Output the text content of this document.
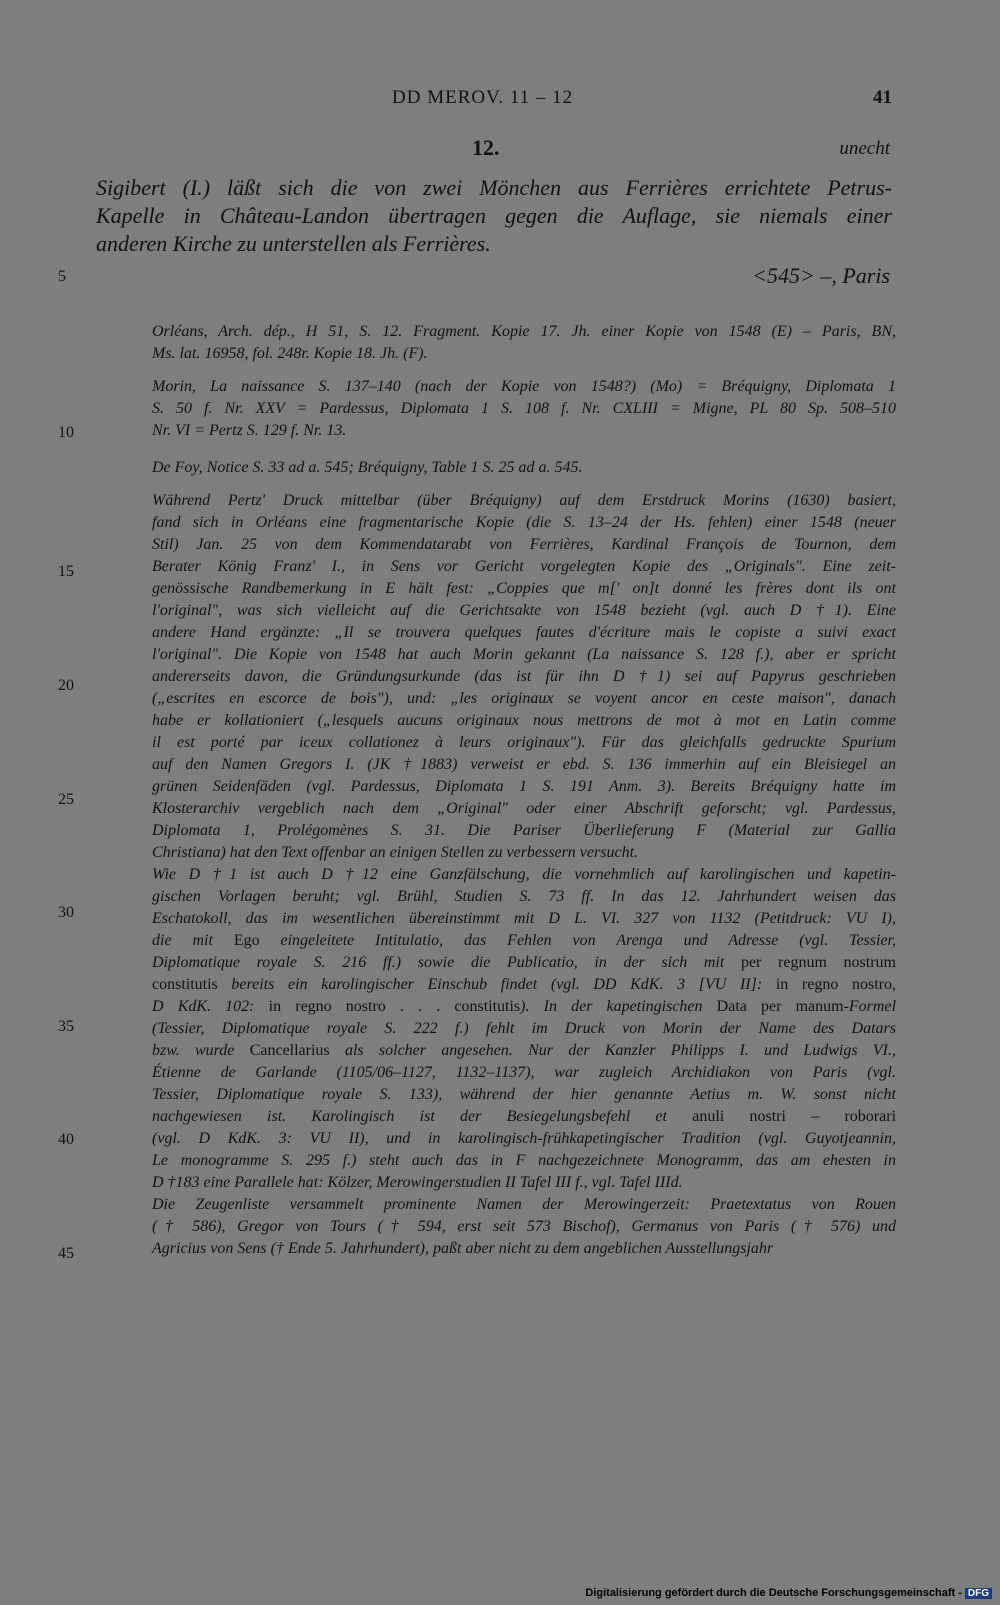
DD MEROV. 11 – 12	41
12.	unecht
Sigibert (I.) läßt sich die von zwei Mönchen aus Ferrières errichtete Petrus-
Kapelle in Château-Landon übertragen gegen die Auflage, sie niemals einer
anderen Kirche zu unterstellen als Ferrières.
<545> –, Paris
Orléans, Arch. dép., H 51, S. 12. Fragment. Kopie 17. Jh. einer Kopie von 1548 (E) – Paris, BN,
Ms. lat. 16958, fol. 248r. Kopie 18. Jh. (F).
Morin, La naissance S. 137–140 (nach der Kopie von 1548?) (Mo) = Bréquigny, Diplomata 1
S. 50 f. Nr. XXV = Pardessus, Diplomata 1 S. 108 f. Nr. CXLIII = Migne, PL 80 Sp. 508–510
Nr. VI = Pertz S. 129 f. Nr. 13.
De Foy, Notice S. 33 ad a. 545; Bréquigny, Table 1 S. 25 ad a. 545.
Während Pertz' Druck mittelbar (über Bréquigny) auf dem Erstdruck Morins (1630) basiert,
fand sich in Orléans eine fragmentarische Kopie (die S. 13–24 der Hs. fehlen) einer 1548 (neuer
Stil) Jan. 25 von dem Kommendatarabt von Ferrières, Kardinal François de Tournon, dem
Berater König Franz' I., in Sens vor Gericht vorgelegten Kopie des „Originals". Eine zeit-
genössische Randbemerkung in E hält fest: „Coppies que m[' on]t donné les frères dont ils ont
l'original", was sich vielleicht auf die Gerichtsakte von 1548 bezieht (vgl. auch D †1). Eine
andere Hand ergänzte: „Il se trouvera quelques fautes d'écriture mais le copiste a suivi exact
l'original". Die Kopie von 1548 hat auch Morin gekannt (La naissance S. 128 f.), aber er spricht
andererseits davon, die Gründungsurkunde (das ist für ihn D †1) sei auf Papyrus geschrieben
(„escrites en escorce de bois"), und: „les originaux se voyent ancor en ceste maison", danach
habe er kollationiert („lesquels aucuns originaux nous mettrons de mot à mot en Latin comme
il est porté par iceux collationez à leurs originaux"). Für das gleichfalls gedruckte Spurium
auf den Namen Gregors I. (JK †1883) verweist er ebd. S. 136 immerhin auf ein Bleisiegel an
grünen Seidenfäden (vgl. Pardessus, Diplomata 1 S. 191 Anm. 3). Bereits Bréquigny hatte im
Klosterarchiv vergeblich nach dem „Original" oder einer Abschrift geforscht; vgl. Pardessus,
Diplomata 1, Prolégomènes S. 31. Die Pariser Überlieferung F (Material zur Gallia
Christiana) hat den Text offenbar an einigen Stellen zu verbessern versucht.
Wie D †1 ist auch D †12 eine Ganzfälschung, die vornehmlich auf karolingischen und kapetin-
gischen Vorlagen beruht; vgl. Brühl, Studien S. 73 ff. In das 12. Jahrhundert weisen das
Eschatokoll, das im wesentlichen übereinstimmt mit D L. VI. 327 von 1132 (Petitdruck: VU I),
die mit Ego eingeleitete Intitulatio, das Fehlen von Arenga und Adresse (vgl. Tessier,
Diplomatique royale S. 216 ff.) sowie die Publicatio, in der sich mit per regnum nostrum
constitutis bereits ein karolingischer Einschub findet (vgl. DD KdK. 3 [VU II]: in regno nostro,
D KdK. 102: in regno nostro . . . constitutis). In der kapetingischen Data per manum-Formel
(Tessier, Diplomatique royale S. 222 f.) fehlt im Druck von Morin der Name des Datars
bzw. wurde Cancellarius als solcher angesehen. Nur der Kanzler Philipps I. und Ludwigs VI.,
Étienne de Garlande (1105/06–1127, 1132–1137), war zugleich Archidiakon von Paris (vgl.
Tessier, Diplomatique royale S. 133), während der hier genannte Aetius m. W. sonst nicht
nachgewiesen ist. Karolingisch ist der Besiegelungsbefehl et anuli nostri – roborari
(vgl. D KdK. 3: VU II), und in karolingisch-frühkapetingischer Tradition (vgl. Guyotjeannin,
Le monogramme S. 295 f.) steht auch das in F nachgezeichnete Monogramm, das am ehesten in
D †183 eine Parallele hat: Kölzer, Merowingerstudien II Tafel III f., vgl. Tafel IIId.
Die Zeugenliste versammelt prominente Namen der Merowingerzeit: Praetextatus von Rouen
(† 586), Gregor von Tours († 594, erst seit 573 Bischof), Germanus von Paris († 576) und
Agricius von Sens († Ende 5. Jahrhundert), paßt aber nicht zu dem angeblichen Ausstellungsjahr
5
10
15
20
25
30
35
40
45
Digitalisierung gefördert durch die Deutsche Forschungsgemeinschaft - DFG
